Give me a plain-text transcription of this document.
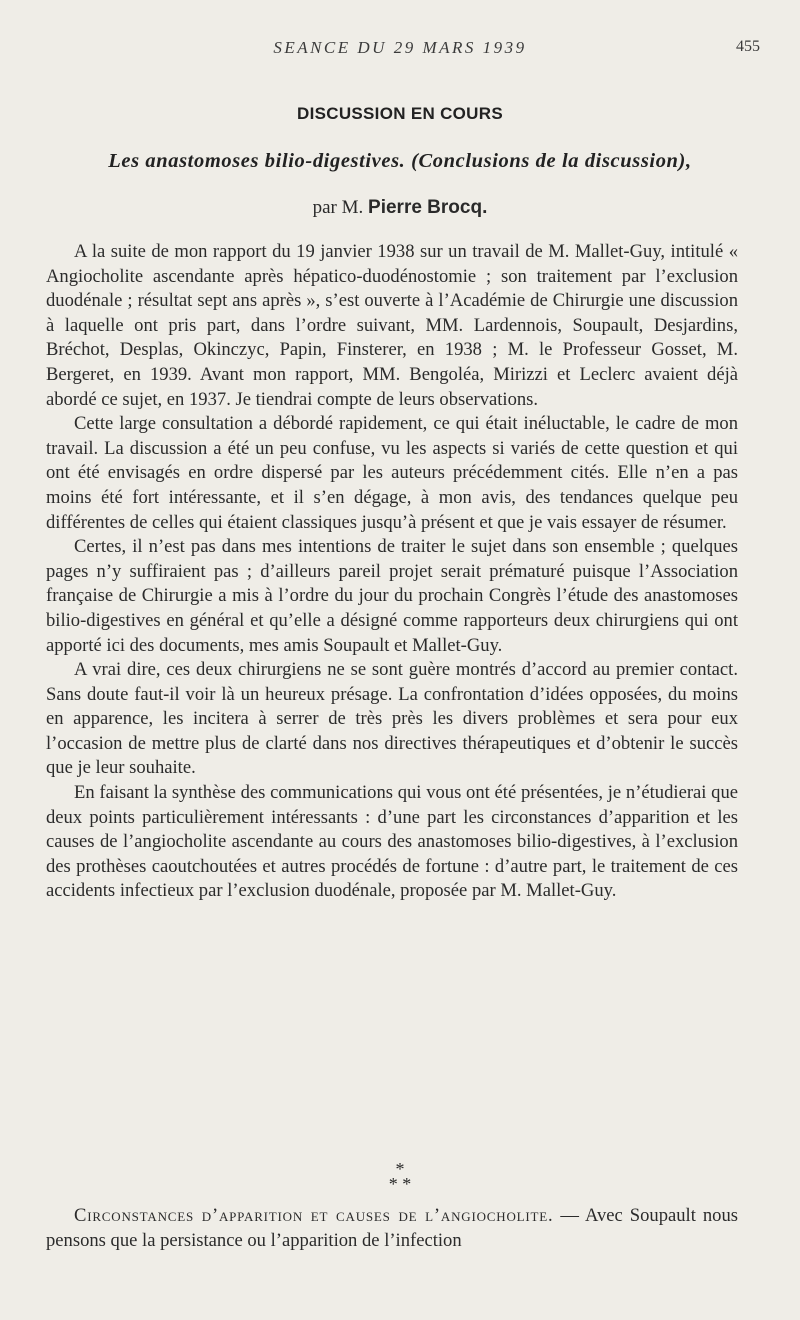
SEANCE DU 29 MARS 1939	455
DISCUSSION EN COURS
Les anastomoses bilio-digestives. (Conclusions de la discussion),
par M. Pierre Brocq.

A la suite de mon rapport du 19 janvier 1938 sur un travail de M. Mallet-Guy, intitulé « Angiocholite ascendante après hépatico-duodénostomie ; son traitement par l’exclusion duodénale ; résultat sept ans après », s’est ouverte à l’Académie de Chirurgie une discussion à laquelle ont pris part, dans l’ordre suivant, MM. Lardennois, Soupault, Desjardins, Bréchot, Desplas, Okinczyc, Papin, Finsterer, en 1938 ; M. le Professeur Gosset, M. Bergeret, en 1939. Avant mon rapport, MM. Bengoléa, Mirizzi et Leclerc avaient déjà abordé ce sujet, en 1937. Je tiendrai compte de leurs observations.

Cette large consultation a débordé rapidement, ce qui était inéluctable, le cadre de mon travail. La discussion a été un peu confuse, vu les aspects si variés de cette question et qui ont été envisagés en ordre dispersé par les auteurs précédemment cités. Elle n’en a pas moins été fort intéressante, et il s’en dégage, à mon avis, des tendances quelque peu différentes de celles qui étaient classiques jusqu’à présent et que je vais essayer de résumer.

Certes, il n’est pas dans mes intentions de traiter le sujet dans son ensemble ; quelques pages n’y suffiraient pas ; d’ailleurs pareil projet serait prématuré puisque l’Association française de Chirurgie a mis à l’ordre du jour du prochain Congrès l’étude des anastomoses bilio-digestives en général et qu’elle a désigné comme rapporteurs deux chirurgiens qui ont apporté ici des documents, mes amis Soupault et Mallet-Guy.

A vrai dire, ces deux chirurgiens ne se sont guère montrés d’accord au premier contact. Sans doute faut-il voir là un heureux présage. La confrontation d’idées opposées, du moins en apparence, les incitera à serrer de très près les divers problèmes et sera pour eux l’occasion de mettre plus de clarté dans nos directives thérapeutiques et d’obtenir le succès que je leur souhaite.

En faisant la synthèse des communications qui vous ont été présentées, je n’étudierai que deux points particulièrement intéressants : d’une part les circonstances d’apparition et les causes de l’angiocholite ascendante au cours des anastomoses bilio-digestives, à l’exclusion des prothèses caoutchoutées et autres procédés de fortune : d’autre part, le traitement de ces accidents infectieux par l’exclusion duodénale, proposée par M. Mallet-Guy.

*
* *

Circonstances d’apparition et causes de l’angiocholite. — Avec Soupault nous pensons que la persistance ou l’apparition de l’infection
